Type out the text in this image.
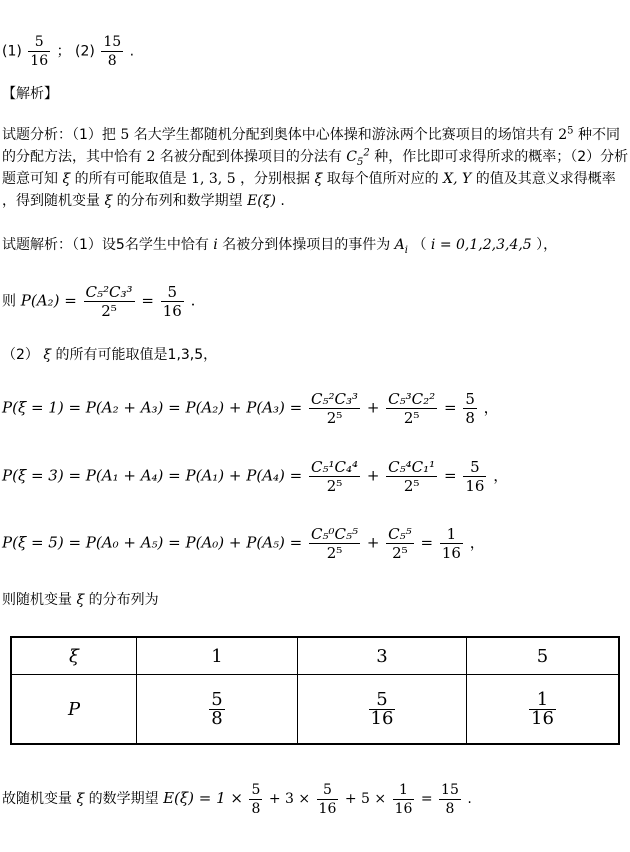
$(1) \frac{5}{16}$ ； $(2) \frac{15}{8}$ .
【解析】
试题分析：（1）把 5 名大学生都随机分配到奥体中心体操和游泳两个比赛项目的场馆共有 $2^5$ 种不同
的分配方法，其中恰有 2 名被分配到体操项目的分法有 $C_5^2$ 种，作比即可求得所求的概率；（2）分析
题意可知 ξ 的所有可能取值是 1, 3, 5 ，分别根据 ξ 取每个值所对应的 X, Y 的值及其意义求得概率
，得到随机变量 ξ 的分布列和数学期望 E(ξ) .
试题解析：（1）设5名学生中恰有 i 名被分到体操项目的事件为 $A_i$ （ i = 0,1,2,3,4,5 ），
则 $P(A_2) = \frac{\text{C₅²C₃³}}{\text{2⁵}} = \frac{5}{16}$ .
（2） ξ 的所有可能取值是1,3,5，
$P(\xi = 1) = P(A_2 + A_3) = P(A_2) + P(A_3) = \frac{\text{C₅²C₃³}}{\text{2⁵}} + \frac{\text{C₅³C₂²}}{\text{2⁵}} = \frac{5}{8}$ ，
$P(\xi = 3) = P(A_1 + A_4) = P(A_1) + P(A_4) = \frac{\text{C₅¹C₄⁴}}{\text{2⁵}} + \frac{\text{C₅⁴C₁¹}}{\text{2⁵}} = \frac{5}{16}$ ，
$P(\xi = 5) = P(A_0 + A_5) = P(A_0) + P(A_5) = \frac{\text{C₅⁰C₅⁵}}{\text{2⁵}} + \frac{\text{C₅⁵}}{\text{2⁵}} = \frac{1}{16}$ ，
则随机变量 ξ 的分布列为
ξ	1	3	5
P	$\frac{5}{8}$	$\frac{5}{16}$	$\frac{1}{16}$
故随机变量 ξ 的数学期望 $E(\xi) = 1 \times \frac{5}{8} + 3 \times \frac{5}{16} + 5 \times \frac{1}{16} = \frac{15}{8}$ .
